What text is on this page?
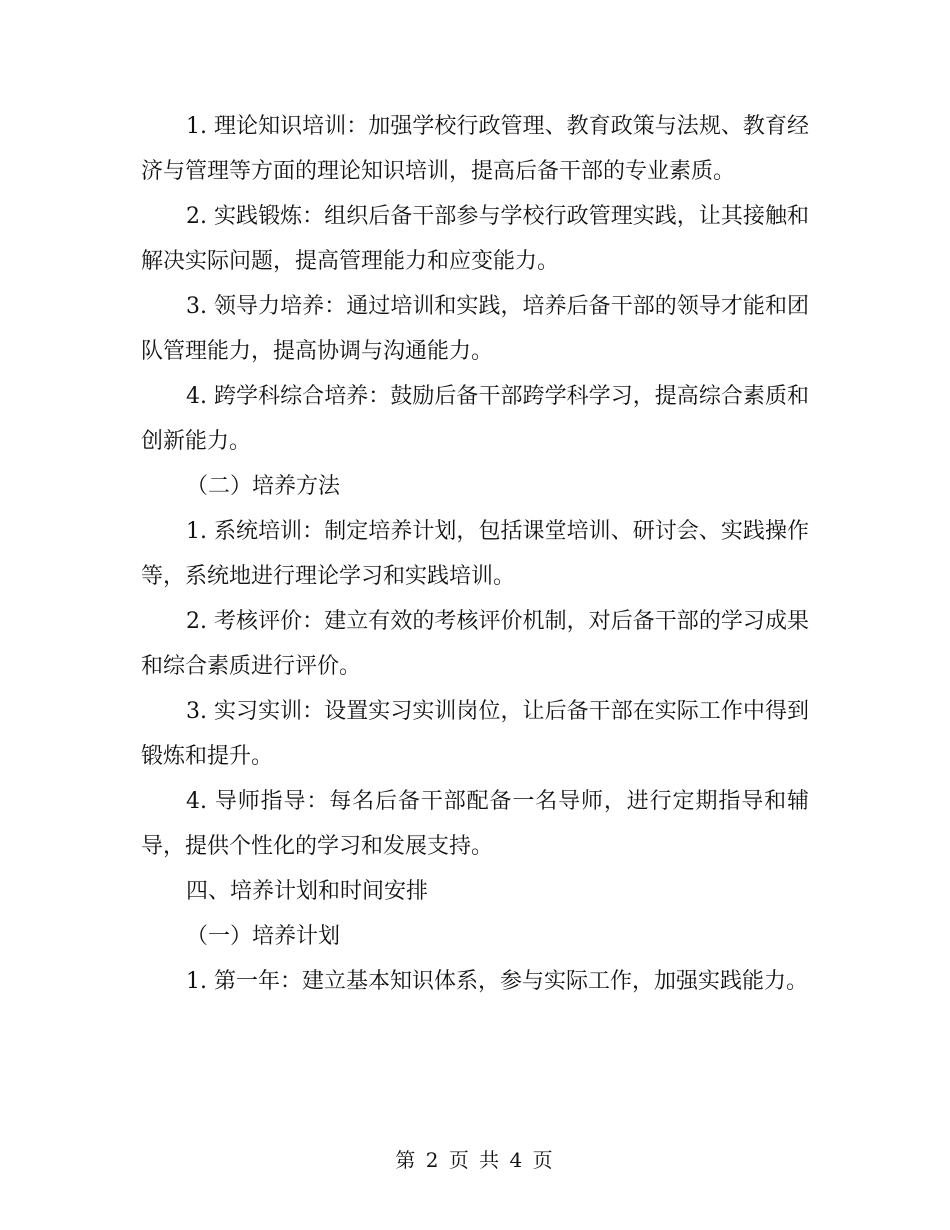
1. 理论知识培训：加强学校行政管理、教育政策与法规、教育经济与管理等方面的理论知识培训，提高后备干部的专业素质。

2. 实践锻炼：组织后备干部参与学校行政管理实践，让其接触和解决实际问题，提高管理能力和应变能力。

3. 领导力培养：通过培训和实践，培养后备干部的领导才能和团队管理能力，提高协调与沟通能力。

4. 跨学科综合培养：鼓励后备干部跨学科学习，提高综合素质和创新能力。

（二）培养方法

1. 系统培训：制定培养计划，包括课堂培训、研讨会、实践操作等，系统地进行理论学习和实践培训。

2. 考核评价：建立有效的考核评价机制，对后备干部的学习成果和综合素质进行评价。

3. 实习实训：设置实习实训岗位，让后备干部在实际工作中得到锻炼和提升。

4. 导师指导：每名后备干部配备一名导师，进行定期指导和辅导，提供个性化的学习和发展支持。

四、培养计划和时间安排

（一）培养计划

1. 第一年：建立基本知识体系，参与实际工作，加强实践能力。

第 2 页 共 4 页
